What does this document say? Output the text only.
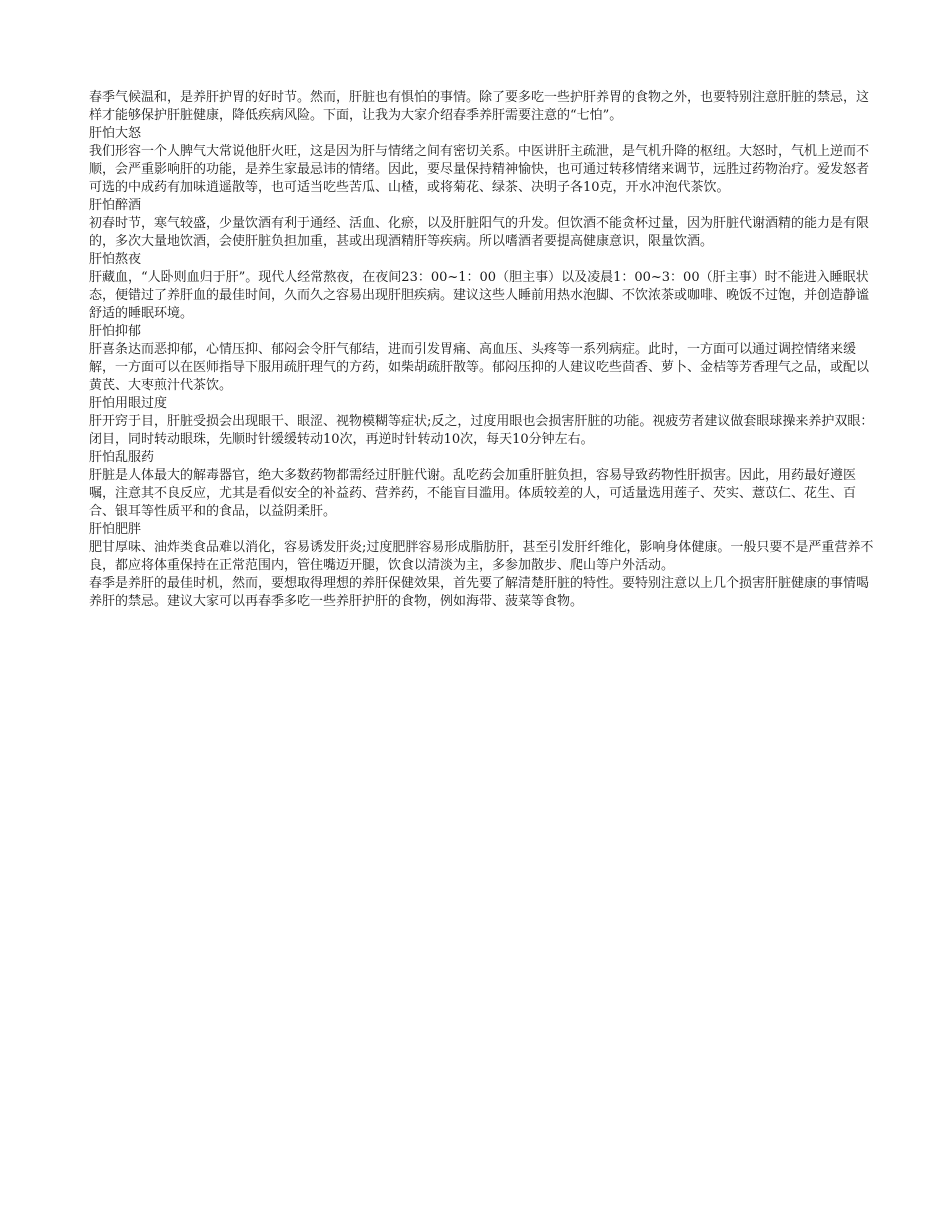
春季气候温和，是养肝护胃的好时节。然而，肝脏也有惧怕的事情。除了要多吃一些护肝养胃的食物之外，也要特别注意肝脏的禁忌，这样才能够保护肝脏健康，降低疾病风险。下面，让我为大家介绍春季养肝需要注意的“七怕”。

肝怕大怒

我们形容一个人脾气大常说他肝火旺，这是因为肝与情绪之间有密切关系。中医讲肝主疏泄，是气机升降的枢纽。大怒时，气机上逆而不顺，会严重影响肝的功能，是养生家最忌讳的情绪。因此，要尽量保持精神愉快，也可通过转移情绪来调节，远胜过药物治疗。爱发怒者可选的中成药有加味逍遥散等，也可适当吃些苦瓜、山楂，或将菊花、绿茶、决明子各10克，开水冲泡代茶饮。

肝怕醉酒

初春时节，寒气较盛，少量饮酒有利于通经、活血、化瘀，以及肝脏阳气的升发。但饮酒不能贪杯过量，因为肝脏代谢酒精的能力是有限的，多次大量地饮酒，会使肝脏负担加重，甚或出现酒精肝等疾病。所以嗜酒者要提高健康意识，限量饮酒。

肝怕熬夜

肝藏血，“人卧则血归于肝”。现代人经常熬夜，在夜间23：00~1：00（胆主事）以及凌晨1：00~3：00（肝主事）时不能进入睡眠状态，便错过了养肝血的最佳时间，久而久之容易出现肝胆疾病。建议这些人睡前用热水泡脚、不饮浓茶或咖啡、晚饭不过饱，并创造静谧舒适的睡眠环境。

肝怕抑郁

肝喜条达而恶抑郁，心情压抑、郁闷会令肝气郁结，进而引发胃痛、高血压、头疼等一系列病症。此时，一方面可以通过调控情绪来缓解，一方面可以在医师指导下服用疏肝理气的方药，如柴胡疏肝散等。郁闷压抑的人建议吃些茴香、萝卜、金桔等芳香理气之品，或配以黄芪、大枣煎汁代茶饮。

肝怕用眼过度

肝开窍于目，肝脏受损会出现眼干、眼涩、视物模糊等症状;反之，过度用眼也会损害肝脏的功能。视疲劳者建议做套眼球操来养护双眼：闭目，同时转动眼珠，先顺时针缓缓转动10次，再逆时针转动10次，每天10分钟左右。

肝怕乱服药

肝脏是人体最大的解毒器官，绝大多数药物都需经过肝脏代谢。乱吃药会加重肝脏负担，容易导致药物性肝损害。因此，用药最好遵医嘱，注意其不良反应，尤其是看似安全的补益药、营养药，不能盲目滥用。体质较差的人，可适量选用莲子、芡实、薏苡仁、花生、百合、银耳等性质平和的食品，以益阴柔肝。

肝怕肥胖

肥甘厚味、油炸类食品难以消化，容易诱发肝炎;过度肥胖容易形成脂肪肝，甚至引发肝纤维化，影响身体健康。一般只要不是严重营养不良，都应将体重保持在正常范围内，管住嘴迈开腿，饮食以清淡为主，多参加散步、爬山等户外活动。

春季是养肝的最佳时机，然而，要想取得理想的养肝保健效果，首先要了解清楚肝脏的特性。要特别注意以上几个损害肝脏健康的事情喝养肝的禁忌。建议大家可以再春季多吃一些养肝护肝的食物，例如海带、菠菜等食物。
